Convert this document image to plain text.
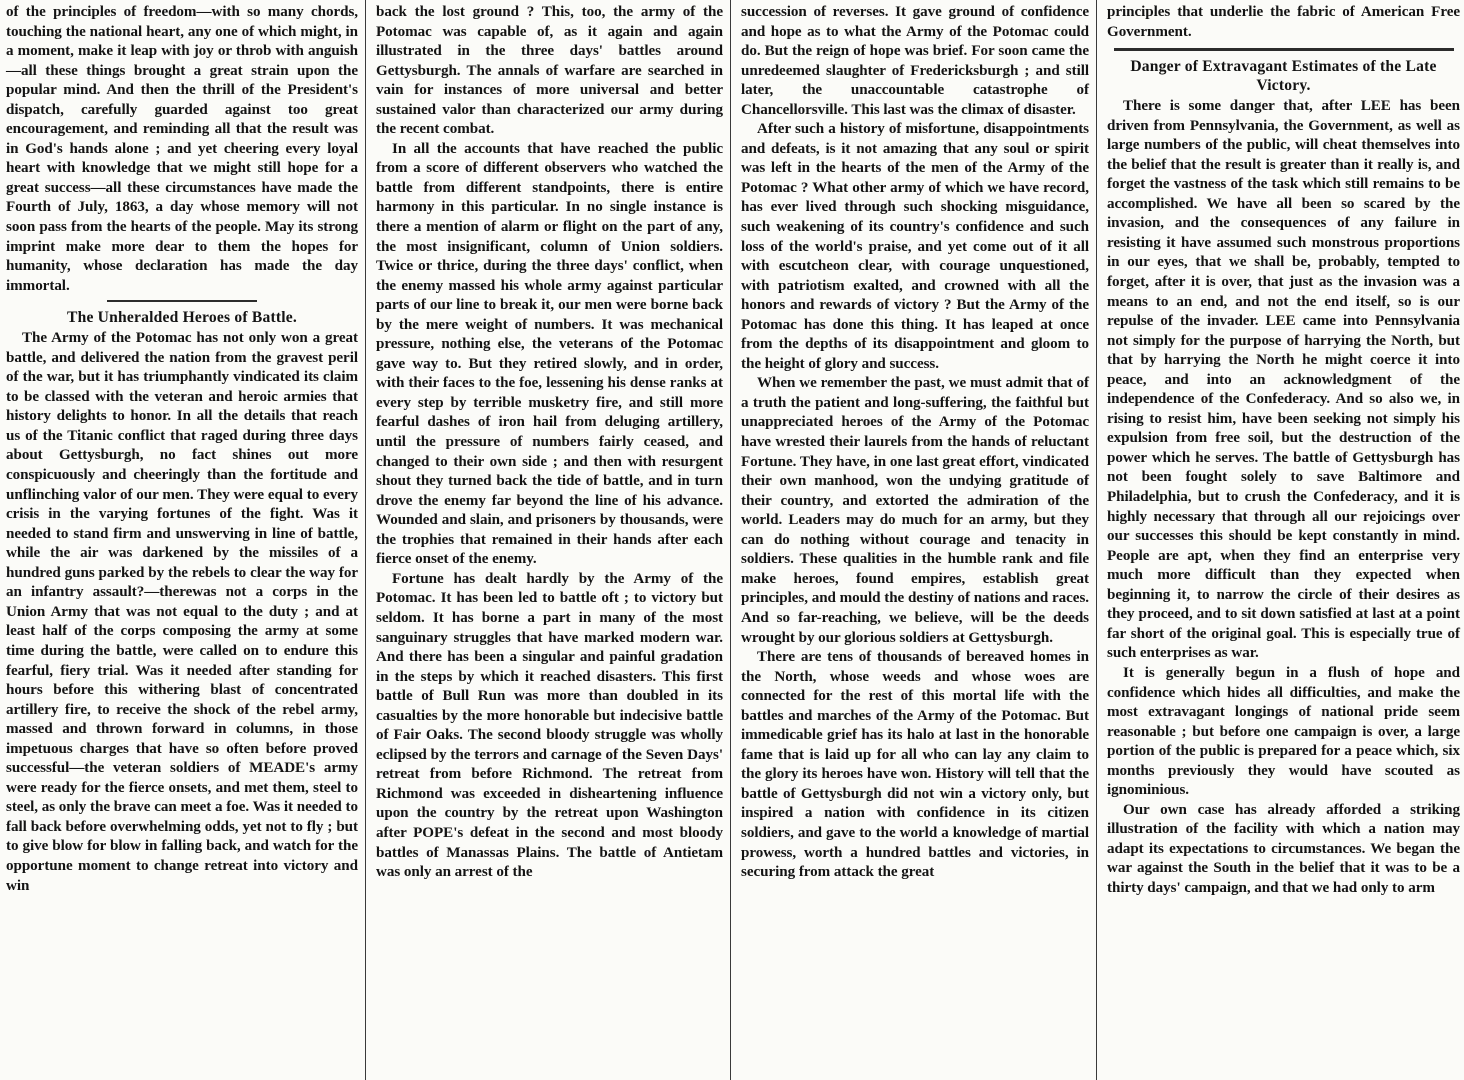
of the principles of freedom—with so many chords, touching the national heart, any one of which might, in a moment, make it leap with joy or throb with anguish—all these things brought a great strain upon the popular mind. And then the thrill of the President's dispatch, carefully guarded against too great encouragement, and reminding all that the result was in God's hands alone ; and yet cheering every loyal heart with knowledge that we might still hope for a great success—all these circumstances have made the Fourth of July, 1863, a day whose memory will not soon pass from the hearts of the people. May its strong imprint make more dear to them the hopes for humanity, whose declaration has made the day immortal.

The Unheralded Heroes of Battle.

The Army of the Potomac has not only won a great battle, and delivered the nation from the gravest peril of the war, but it has triumphantly vindicated its claim to be classed with the veteran and heroic armies that history delights to honor. In all the details that reach us of the Titanic conflict that raged during three days about Gettysburgh, no fact shines out more conspicuously and cheeringly than the fortitude and unflinching valor of our men. They were equal to every crisis in the varying fortunes of the fight. Was it needed to stand firm and unswerving in line of battle, while the air was darkened by the missiles of a hundred guns parked by the rebels to clear the way for an infantry assault?—therewas not a corps in the Union Army that was not equal to the duty ; and at least half of the corps composing the army at some time during the battle, were called on to endure this fearful, fiery trial. Was it needed after standing for hours before this withering blast of concentrated artillery fire, to receive the shock of the rebel army, massed and thrown forward in columns, in those impetuous charges that have so often before proved successful—the veteran soldiers of MEADE's army were ready for the fierce onsets, and met them, steel to steel, as only the brave can meet a foe. Was it needed to fall back before overwhelming odds, yet not to fly ; but to give blow for blow in falling back, and watch for the opportune moment to change retreat into victory and win

back the lost ground ? This, too, the army of the Potomac was capable of, as it again and again illustrated in the three days' battles around Gettysburgh. The annals of warfare are searched in vain for instances of more universal and better sustained valor than characterized our army during the recent combat.

In all the accounts that have reached the public from a score of different observers who watched the battle from different standpoints, there is entire harmony in this particular. In no single instance is there a mention of alarm or flight on the part of any, the most insignificant, column of Union soldiers. Twice or thrice, during the three days' conflict, when the enemy massed his whole army against particular parts of our line to break it, our men were borne back by the mere weight of numbers. It was mechanical pressure, nothing else, the veterans of the Potomac gave way to. But they retired slowly, and in order, with their faces to the foe, lessening his dense ranks at every step by terrible musketry fire, and still more fearful dashes of iron hail from deluging artillery, until the pressure of numbers fairly ceased, and changed to their own side ; and then with resurgent shout they turned back the tide of battle, and in turn drove the enemy far beyond the line of his advance. Wounded and slain, and prisoners by thousands, were the trophies that remained in their hands after each fierce onset of the enemy.

Fortune has dealt hardly by the Army of the Potomac. It has been led to battle oft ; to victory but seldom. It has borne a part in many of the most sanguinary struggles that have marked modern war. And there has been a singular and painful gradation in the steps by which it reached disasters. This first battle of Bull Run was more than doubled in its casualties by the more honorable but indecisive battle of Fair Oaks. The second bloody struggle was wholly eclipsed by the terrors and carnage of the Seven Days' retreat from before Richmond. The retreat from Richmond was exceeded in disheartening influence upon the country by the retreat upon Washington after POPE's defeat in the second and most bloody battles of Manassas Plains. The battle of Antietam was only an arrest of the

succession of reverses. It gave ground of confidence and hope as to what the Army of the Potomac could do. But the reign of hope was brief. For soon came the unredeemed slaughter of Fredericksburgh ; and still later, the unaccountable catastrophe of Chancellorsville. This last was the climax of disaster.

After such a history of misfortune, disappointments and defeats, is it not amazing that any soul or spirit was left in the hearts of the men of the Army of the Potomac ? What other army of which we have record, has ever lived through such shocking misguidance, such weakening of its country's confidence and such loss of the world's praise, and yet come out of it all with escutcheon clear, with courage unquestioned, with patriotism exalted, and crowned with all the honors and rewards of victory ? But the Army of the Potomac has done this thing. It has leaped at once from the depths of its disappointment and gloom to the height of glory and success.

When we remember the past, we must admit that of a truth the patient and long-suffering, the faithful but unappreciated heroes of the Army of the Potomac have wrested their laurels from the hands of reluctant Fortune. They have, in one last great effort, vindicated their own manhood, won the undying gratitude of their country, and extorted the admiration of the world. Leaders may do much for an army, but they can do nothing without courage and tenacity in soldiers. These qualities in the humble rank and file make heroes, found empires, establish great principles, and mould the destiny of nations and races. And so far-reaching, we believe, will be the deeds wrought by our glorious soldiers at Gettysburgh.

There are tens of thousands of bereaved homes in the North, whose weeds and whose woes are connected for the rest of this mortal life with the battles and marches of the Army of the Potomac. But immedicable grief has its halo at last in the honorable fame that is laid up for all who can lay any claim to the glory its heroes have won. History will tell that the battle of Gettysburgh did not win a victory only, but inspired a nation with confidence in its citizen soldiers, and gave to the world a knowledge of martial prowess, worth a hundred battles and victories, in securing from attack the great

principles that underlie the fabric of American Free Government.

Danger of Extravagant Estimates of the Late Victory.

There is some danger that, after LEE has been driven from Pennsylvania, the Government, as well as large numbers of the public, will cheat themselves into the belief that the result is greater than it really is, and forget the vastness of the task which still remains to be accomplished. We have all been so scared by the invasion, and the consequences of any failure in resisting it have assumed such monstrous proportions in our eyes, that we shall be, probably, tempted to forget, after it is over, that just as the invasion was a means to an end, and not the end itself, so is our repulse of the invader. LEE came into Pennsylvania not simply for the purpose of harrying the North, but that by harrying the North he might coerce it into peace, and into an acknowledgment of the independence of the Confederacy. And so also we, in rising to resist him, have been seeking not simply his expulsion from free soil, but the destruction of the power which he serves. The battle of Gettysburgh has not been fought solely to save Baltimore and Philadelphia, but to crush the Confederacy, and it is highly necessary that through all our rejoicings over our successes this should be kept constantly in mind. People are apt, when they find an enterprise very much more difficult than they expected when beginning it, to narrow the circle of their desires as they proceed, and to sit down satisfied at last at a point far short of the original goal. This is especially true of such enterprises as war.

It is generally begun in a flush of hope and confidence which hides all difficulties, and make the most extravagant longings of national pride seem reasonable ; but before one campaign is over, a large portion of the public is prepared for a peace which, six months previously they would have scouted as ignominious.

Our own case has already afforded a striking illustration of the facility with which a nation may adapt its expectations to circumstances. We began the war against the South in the belief that it was to be a thirty days' campaign, and that we had only to arm
